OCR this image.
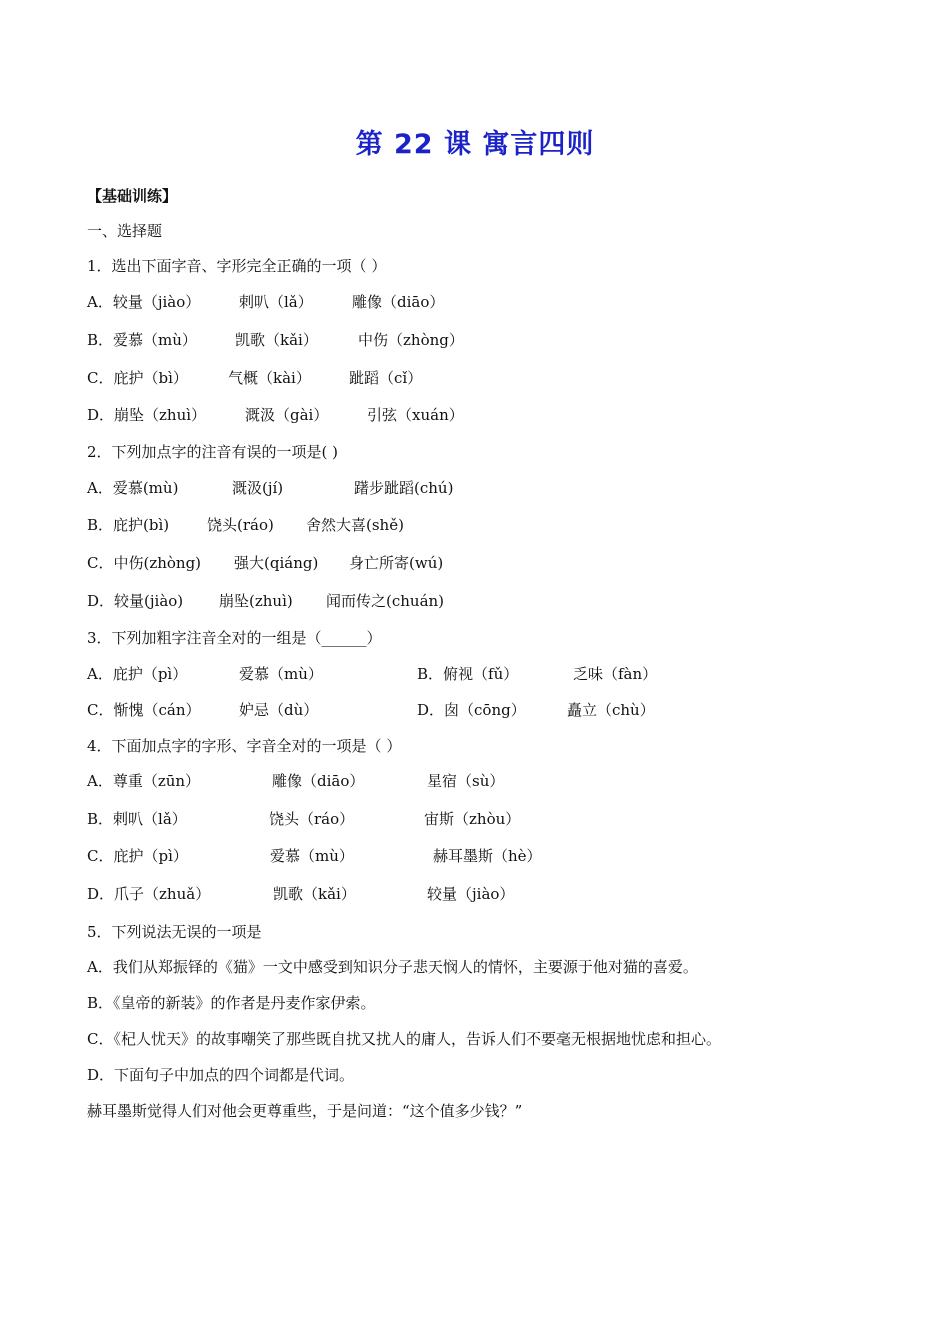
第 22 课 寓言四则
【基础训练】
一、选择题
1．选出下面字音、字形完全正确的一项（ ）
A．较量（jiào）	剌叭（lǎ）	雕像（diāo）
B．爱慕（mù）	凯歌（kǎi）	中伤（zhòng）
C．庇护（bì）	气概（kài）	跐蹈（cǐ）
D．崩坠（zhuì）	溉汲（gài）	引弦（xuán）
2．下列加点字的注音有误的一项是( )
A．爱慕(mù)	溉汲(jí)	躇步跐蹈(chú)
B．庇护(bì)	饶头(ráo) 舍然大喜(shě)
C．中伤(zhòng) 强大(qiáng) 身亡所寄(wú)
D．较量(jiào) 崩坠(zhuì) 闻而传之(chuán)
3．下列加粗字注音全对的一组是（______）
A．庇护（pì）	爱慕（mù）	B．俯视（fǔ）	乏味（fàn）
C．惭愧（cán）	妒忌（dù）	D．囱（cōng）	矗立（chù）
4．下面加点字的字形、字音全对的一项是（ ）
A．尊重（zūn）	雕像（diāo）	星宿（sù）
B．剌叭（lǎ）	饶头（ráo）	宙斯（zhòu）
C．庇护（pì）	爱慕（mù）	赫耳墨斯（hè）
D．爪子（zhuǎ）	凯歌（kǎi）	较量（jiào）
5．下列说法无误的一项是
A．我们从郑振铎的《猫》一文中感受到知识分子悲天悯人的情怀，主要源于他对猫的喜爱。
B．《皇帝的新装》的作者是丹麦作家伊索。
C．《杞人忧天》的故事嘲笑了那些既自扰又扰人的庸人，告诉人们不要毫无根据地忧虑和担心。
D．下面句子中加点的四个词都是代词。
赫耳墨斯觉得人们对他会更尊重些，于是问道：“这个值多少钱？”
